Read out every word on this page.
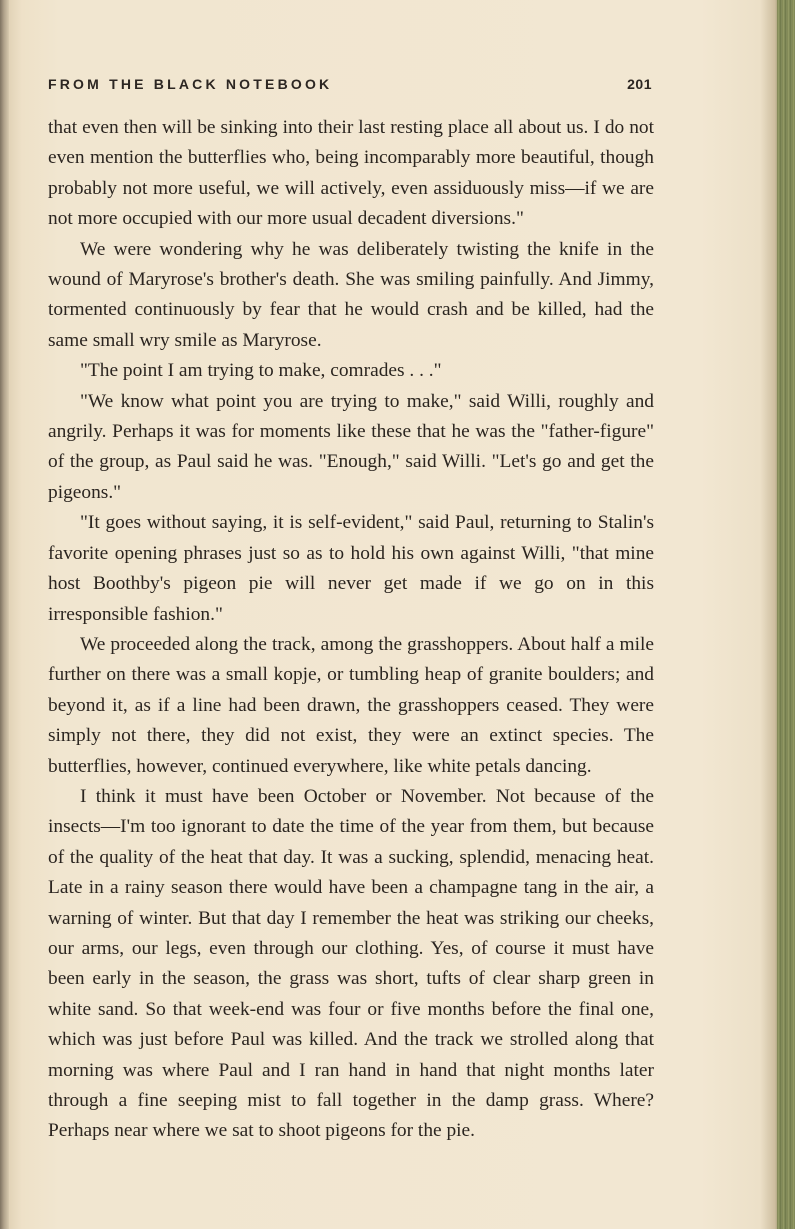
FROM THE BLACK NOTEBOOK	201

that even then will be sinking into their last resting place all about us. I do not even mention the butterflies who, being incomparably more beautiful, though probably not more useful, we will actively, even assiduously miss—if we are not more occupied with our more usual decadent diversions."

We were wondering why he was deliberately twisting the knife in the wound of Maryrose's brother's death. She was smiling painfully. And Jimmy, tormented continuously by fear that he would crash and be killed, had the same small wry smile as Maryrose.

"The point I am trying to make, comrades . . ."

"We know what point you are trying to make," said Willi, roughly and angrily. Perhaps it was for moments like these that he was the "father-figure" of the group, as Paul said he was. "Enough," said Willi. "Let's go and get the pigeons."

"It goes without saying, it is self-evident," said Paul, returning to Stalin's favorite opening phrases just so as to hold his own against Willi, "that mine host Boothby's pigeon pie will never get made if we go on in this irresponsible fashion."

We proceeded along the track, among the grasshoppers. About half a mile further on there was a small kopje, or tumbling heap of granite boulders; and beyond it, as if a line had been drawn, the grasshoppers ceased. They were simply not there, they did not exist, they were an extinct species. The butterflies, however, continued everywhere, like white petals dancing.

I think it must have been October or November. Not because of the insects—I'm too ignorant to date the time of the year from them, but because of the quality of the heat that day. It was a sucking, splendid, menacing heat. Late in a rainy season there would have been a champagne tang in the air, a warning of winter. But that day I remember the heat was striking our cheeks, our arms, our legs, even through our clothing. Yes, of course it must have been early in the season, the grass was short, tufts of clear sharp green in white sand. So that week-end was four or five months before the final one, which was just before Paul was killed. And the track we strolled along that morning was where Paul and I ran hand in hand that night months later through a fine seeping mist to fall together in the damp grass. Where? Perhaps near where we sat to shoot pigeons for the pie.
